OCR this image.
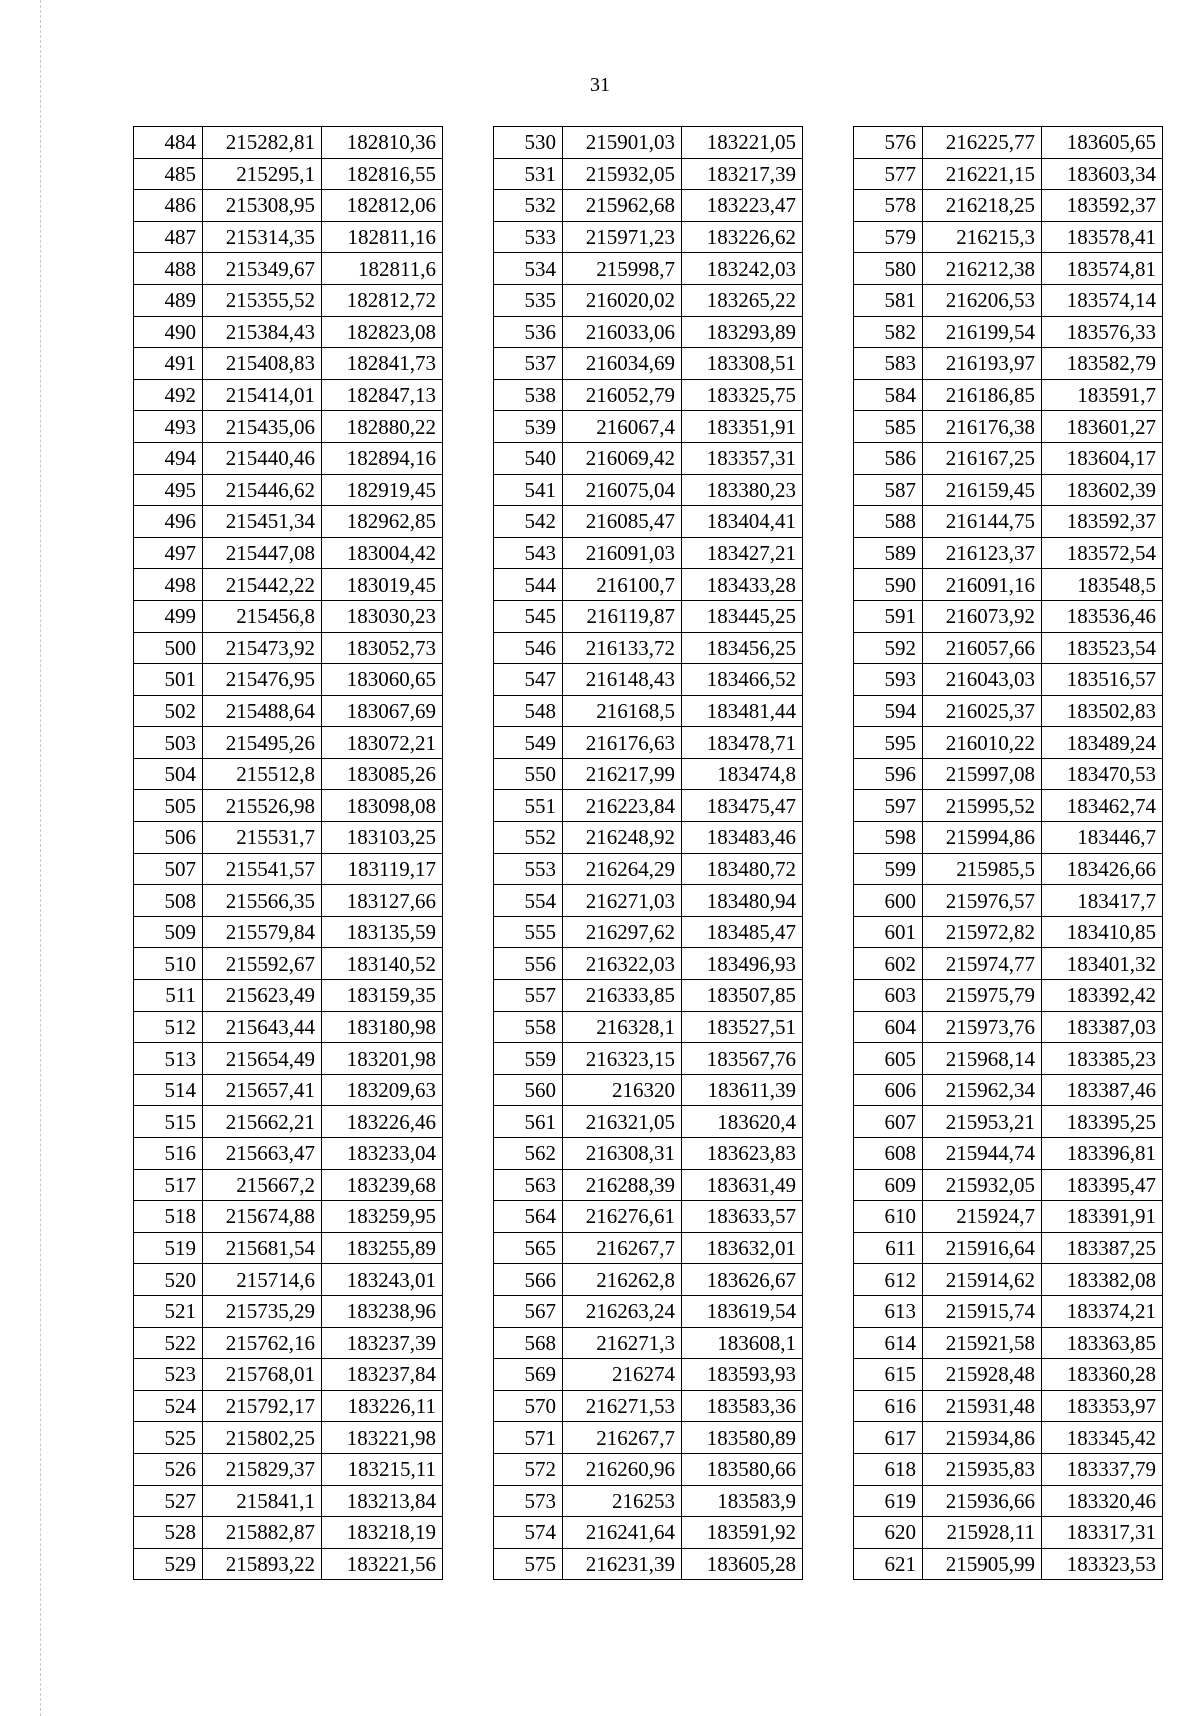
31
484	215282,81	182810,36
485	215295,1	182816,55
486	215308,95	182812,06
487	215314,35	182811,16
488	215349,67	182811,6
489	215355,52	182812,72
490	215384,43	182823,08
491	215408,83	182841,73
492	215414,01	182847,13
493	215435,06	182880,22
494	215440,46	182894,16
495	215446,62	182919,45
496	215451,34	182962,85
497	215447,08	183004,42
498	215442,22	183019,45
499	215456,8	183030,23
500	215473,92	183052,73
501	215476,95	183060,65
502	215488,64	183067,69
503	215495,26	183072,21
504	215512,8	183085,26
505	215526,98	183098,08
506	215531,7	183103,25
507	215541,57	183119,17
508	215566,35	183127,66
509	215579,84	183135,59
510	215592,67	183140,52
511	215623,49	183159,35
512	215643,44	183180,98
513	215654,49	183201,98
514	215657,41	183209,63
515	215662,21	183226,46
516	215663,47	183233,04
517	215667,2	183239,68
518	215674,88	183259,95
519	215681,54	183255,89
520	215714,6	183243,01
521	215735,29	183238,96
522	215762,16	183237,39
523	215768,01	183237,84
524	215792,17	183226,11
525	215802,25	183221,98
526	215829,37	183215,11
527	215841,1	183213,84
528	215882,87	183218,19
529	215893,22	183221,56
530	215901,03	183221,05
531	215932,05	183217,39
532	215962,68	183223,47
533	215971,23	183226,62
534	215998,7	183242,03
535	216020,02	183265,22
536	216033,06	183293,89
537	216034,69	183308,51
538	216052,79	183325,75
539	216067,4	183351,91
540	216069,42	183357,31
541	216075,04	183380,23
542	216085,47	183404,41
543	216091,03	183427,21
544	216100,7	183433,28
545	216119,87	183445,25
546	216133,72	183456,25
547	216148,43	183466,52
548	216168,5	183481,44
549	216176,63	183478,71
550	216217,99	183474,8
551	216223,84	183475,47
552	216248,92	183483,46
553	216264,29	183480,72
554	216271,03	183480,94
555	216297,62	183485,47
556	216322,03	183496,93
557	216333,85	183507,85
558	216328,1	183527,51
559	216323,15	183567,76
560	216320	183611,39
561	216321,05	183620,4
562	216308,31	183623,83
563	216288,39	183631,49
564	216276,61	183633,57
565	216267,7	183632,01
566	216262,8	183626,67
567	216263,24	183619,54
568	216271,3	183608,1
569	216274	183593,93
570	216271,53	183583,36
571	216267,7	183580,89
572	216260,96	183580,66
573	216253	183583,9
574	216241,64	183591,92
575	216231,39	183605,28
576	216225,77	183605,65
577	216221,15	183603,34
578	216218,25	183592,37
579	216215,3	183578,41
580	216212,38	183574,81
581	216206,53	183574,14
582	216199,54	183576,33
583	216193,97	183582,79
584	216186,85	183591,7
585	216176,38	183601,27
586	216167,25	183604,17
587	216159,45	183602,39
588	216144,75	183592,37
589	216123,37	183572,54
590	216091,16	183548,5
591	216073,92	183536,46
592	216057,66	183523,54
593	216043,03	183516,57
594	216025,37	183502,83
595	216010,22	183489,24
596	215997,08	183470,53
597	215995,52	183462,74
598	215994,86	183446,7
599	215985,5	183426,66
600	215976,57	183417,7
601	215972,82	183410,85
602	215974,77	183401,32
603	215975,79	183392,42
604	215973,76	183387,03
605	215968,14	183385,23
606	215962,34	183387,46
607	215953,21	183395,25
608	215944,74	183396,81
609	215932,05	183395,47
610	215924,7	183391,91
611	215916,64	183387,25
612	215914,62	183382,08
613	215915,74	183374,21
614	215921,58	183363,85
615	215928,48	183360,28
616	215931,48	183353,97
617	215934,86	183345,42
618	215935,83	183337,79
619	215936,66	183320,46
620	215928,11	183317,31
621	215905,99	183323,53
